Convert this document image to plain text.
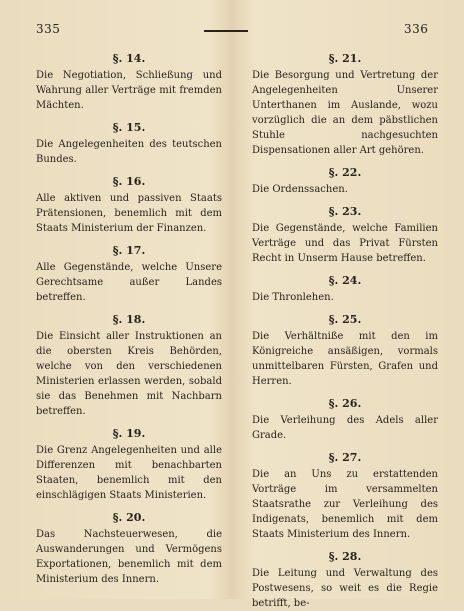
335	336
§. 14.

Die Negotiation, Schließung und Wahrung aller Verträge mit fremden Mächten.

§. 15.

Die Angelegenheiten des teutschen Bundes.

§. 16.

Alle aktiven und passiven Staats Prätensionen, benemlich mit dem Staats Ministerium der Finanzen.

§. 17.

Alle Gegenstände, welche Unsere Gerechtsame außer Landes betreffen.

§. 18.

Die Einsicht aller Instruktionen an die obersten Kreis Behörden, welche von den verschiedenen Ministerien erlassen werden, sobald sie das Benehmen mit Nachbarn betreffen.

§. 19.

Die Grenz Angelegenheiten und alle Differenzen mit benachbarten Staaten, benemlich mit den einschlägigen Staats Ministerien.

§. 20.

Das Nachsteuerwesen, die Auswanderungen und Vermögens Exportationen, benemlich mit dem Ministerium des Innern.

§. 21.

Die Besorgung und Vertretung der Angelegenheiten Unserer Unterthanen im Auslande, wozu vorzüglich die an dem päbstlichen Stuhle nachgesuchten Dispensationen aller Art gehören.

§. 22.

Die Ordenssachen.

§. 23.

Die Gegenstände, welche Familien Verträge und das Privat Fürsten Recht in Unserm Hause betreffen.

§. 24.

Die Thronlehen.

§. 25.

Die Verhältniße mit den im Königreiche ansäßigen, vormals unmittelbaren Fürsten, Grafen und Herren.

§. 26.

Die Verleihung des Adels aller Grade.

§. 27.

Die an Uns zu erstattenden Vorträge im versammelten Staatsrathe zur Verleihung des Indigenats, benemlich mit dem Staats Ministerium des Innern.

§. 28.

Die Leitung und Verwaltung des Postwesens, so weit es die Regie betrifft, be-
